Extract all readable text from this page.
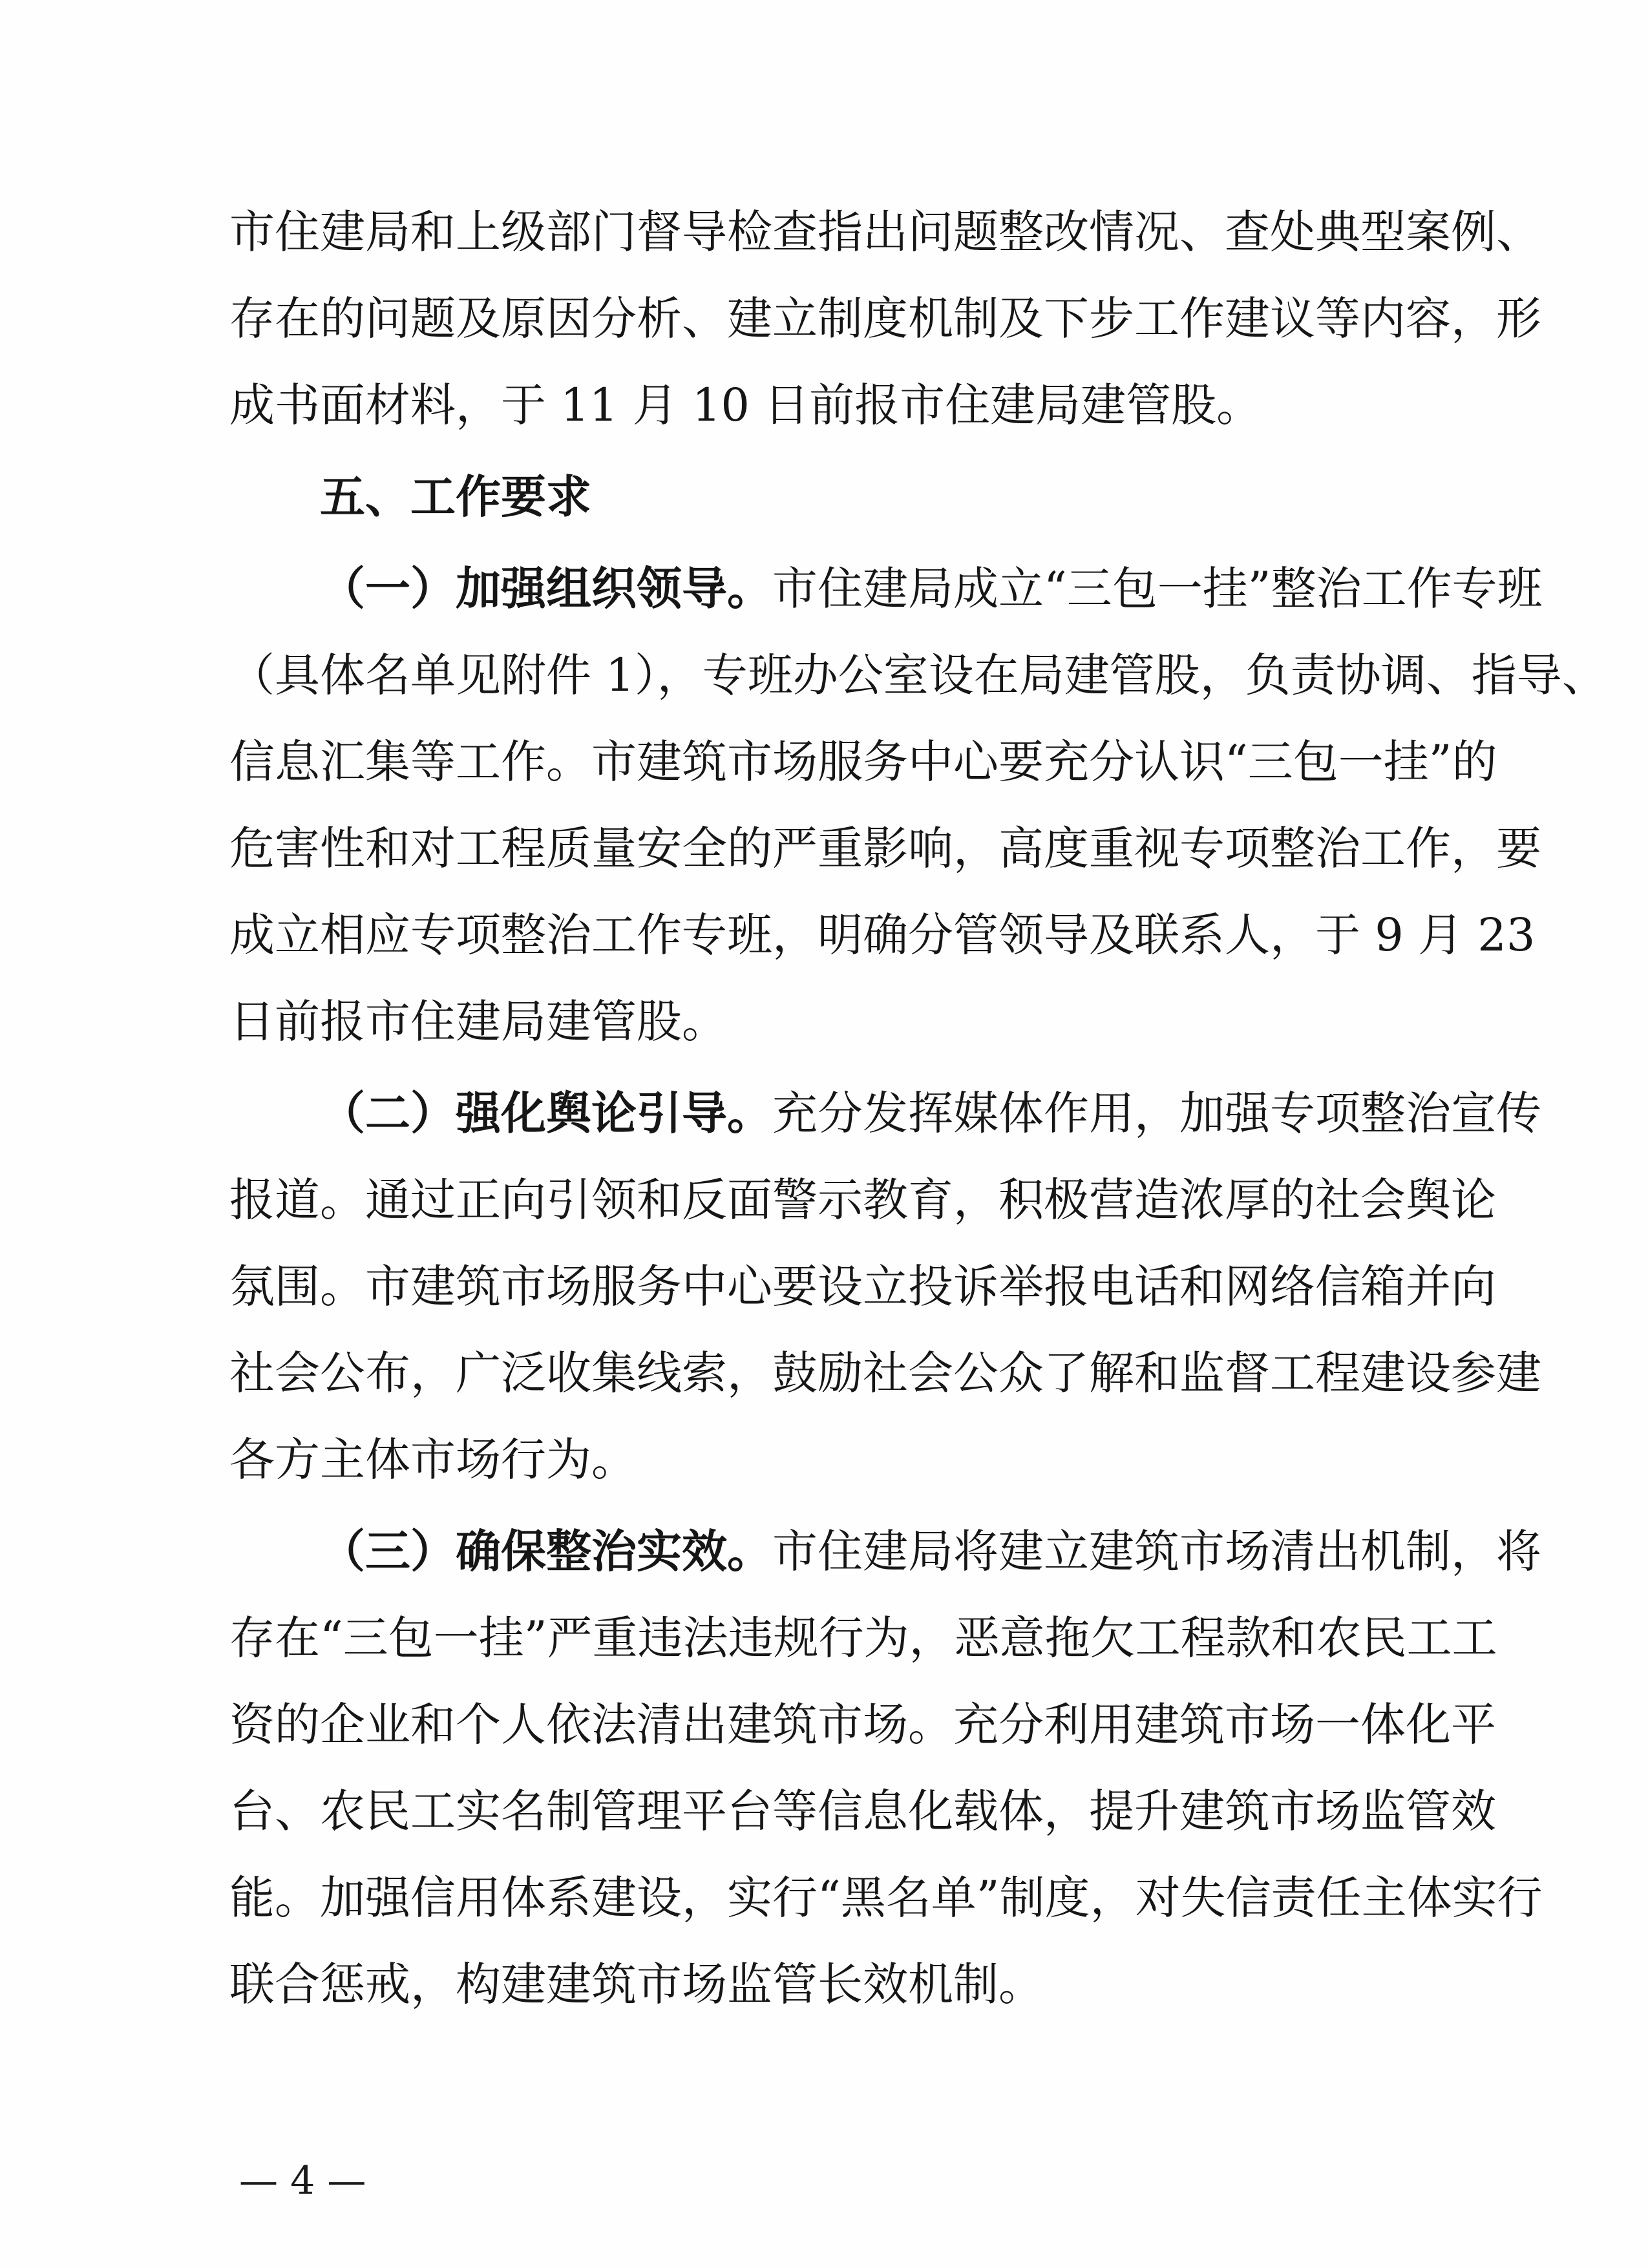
市住建局和上级部门督导检查指出问题整改情况、查处典型案例、
存在的问题及原因分析、建立制度机制及下步工作建议等内容，形
成书面材料，于 11 月 10 日前报市住建局建管股。
五、工作要求
（一）加强组织领导。市住建局成立“三包一挂”整治工作专班
（具体名单见附件 1），专班办公室设在局建管股，负责协调、指导、
信息汇集等工作。市建筑市场服务中心要充分认识“三包一挂”的
危害性和对工程质量安全的严重影响，高度重视专项整治工作，要
成立相应专项整治工作专班，明确分管领导及联系人，于 9 月 23
日前报市住建局建管股。
（二）强化舆论引导。充分发挥媒体作用，加强专项整治宣传
报道。通过正向引领和反面警示教育，积极营造浓厚的社会舆论
氛围。市建筑市场服务中心要设立投诉举报电话和网络信箱并向
社会公布，广泛收集线索，鼓励社会公众了解和监督工程建设参建
各方主体市场行为。
（三）确保整治实效。市住建局将建立建筑市场清出机制，将
存在“三包一挂”严重违法违规行为，恶意拖欠工程款和农民工工
资的企业和个人依法清出建筑市场。充分利用建筑市场一体化平
台、农民工实名制管理平台等信息化载体，提升建筑市场监管效
能。加强信用体系建设，实行“黑名单”制度，对失信责任主体实行
联合惩戒，构建建筑市场监管长效机制。
— 4 —
